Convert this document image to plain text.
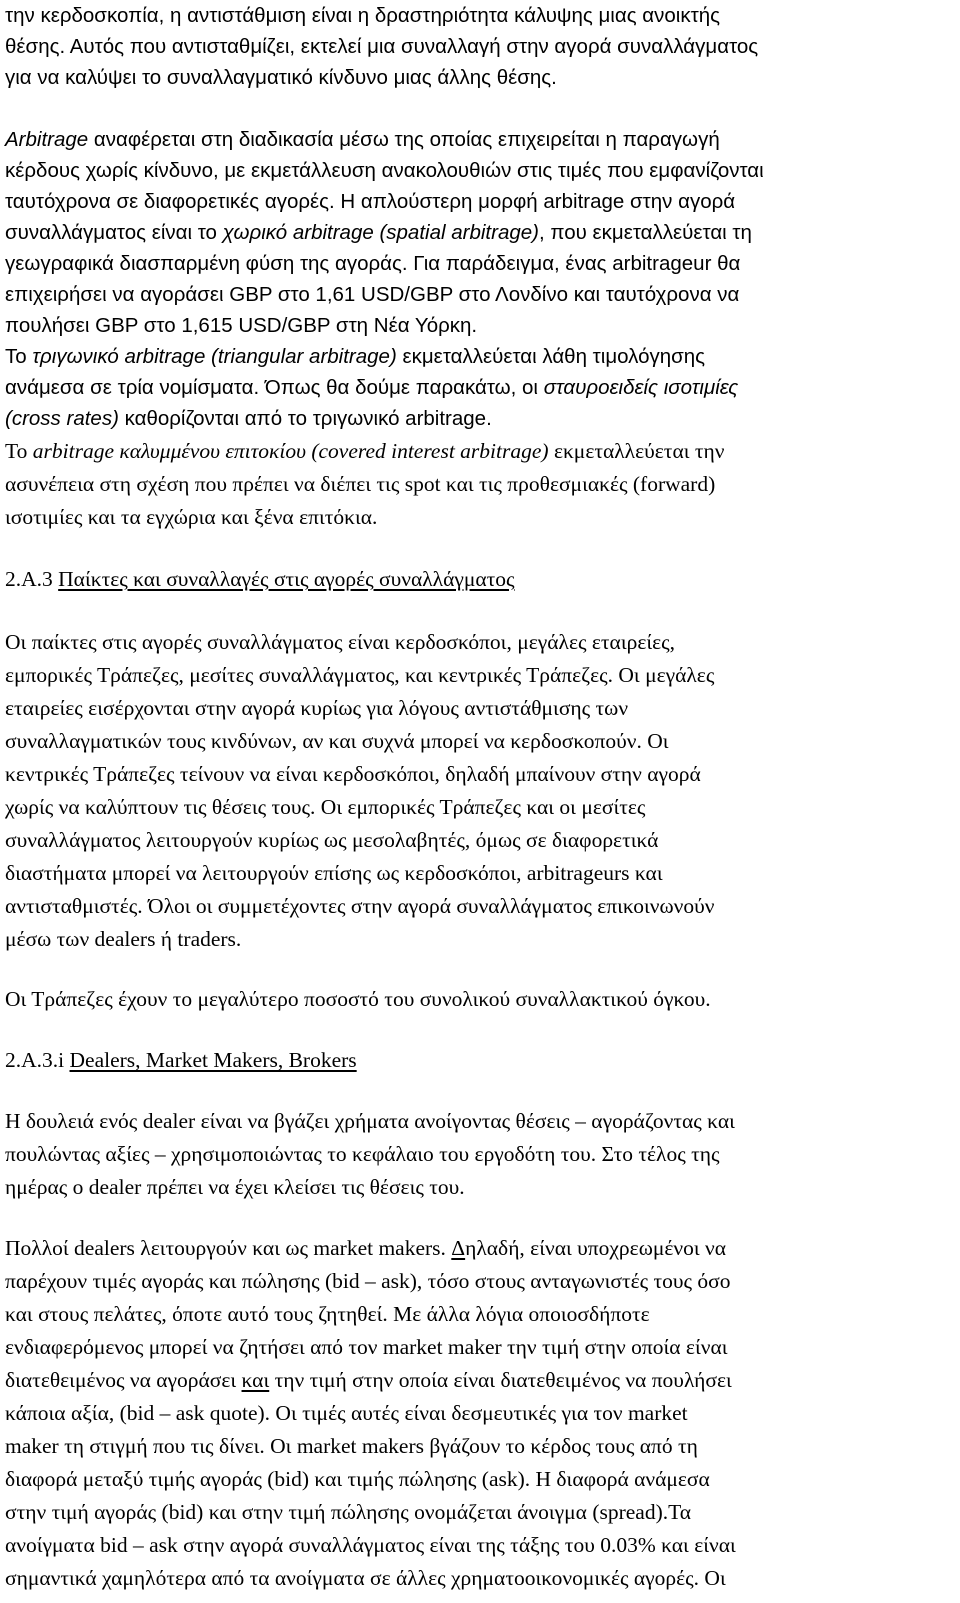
την κερδοσκοπία, η αντιστάθμιση είναι η δραστηριότητα κάλυψης μιας ανοικτής
θέσης. Αυτός που αντισταθμίζει, εκτελεί μια συναλλαγή στην αγορά συναλλάγματος
για να καλύψει το συναλλαγματικό κίνδυνο μιας άλλης θέσης.
Arbitrage αναφέρεται στη διαδικασία μέσω της οποίας επιχειρείται η παραγωγή
κέρδους χωρίς κίνδυνο, με εκμετάλλευση ανακολουθιών στις τιμές που εμφανίζονται
ταυτόχρονα σε διαφορετικές αγορές. Η απλούστερη μορφή arbitrage στην αγορά
συναλλάγματος είναι το χωρικό arbitrage (spatial arbitrage), που εκμεταλλεύεται τη
γεωγραφικά διασπαρμένη φύση της αγοράς. Για παράδειγμα, ένας arbitrageur θα
επιχειρήσει να αγοράσει GBP στο 1,61 USD/GBP στο Λονδίνο και ταυτόχρονα να
πουλήσει GBP στο 1,615 USD/GBP στη Νέα Υόρκη.
Το τριγωνικό arbitrage (triangular arbitrage) εκμεταλλεύεται λάθη τιμολόγησης
ανάμεσα σε τρία νομίσματα. Όπως θα δούμε παρακάτω, οι σταυροειδείς ισοτιμίες
(cross rates) καθορίζονται από το τριγωνικό arbitrage.
Το arbitrage καλυμμένου επιτοκίου (covered interest arbitrage) εκμεταλλεύεται την
ασυνέπεια στη σχέση που πρέπει να διέπει τις spot και τις προθεσμιακές (forward)
ισοτιμίες και τα εγχώρια και ξένα επιτόκια.
2.A.3 Παίκτες και συναλλαγές στις αγορές συναλλάγματος
Οι παίκτες στις αγορές συναλλάγματος είναι κερδοσκόποι, μεγάλες εταιρείες,
εμπορικές Τράπεζες, μεσίτες συναλλάγματος, και κεντρικές Τράπεζες. Οι μεγάλες
εταιρείες εισέρχονται στην αγορά κυρίως για λόγους αντιστάθμισης των
συναλλαγματικών τους κινδύνων, αν και συχνά μπορεί να κερδοσκοπούν. Οι
κεντρικές Τράπεζες τείνουν να είναι κερδοσκόποι, δηλαδή μπαίνουν στην αγορά
χωρίς να καλύπτουν τις θέσεις τους. Οι εμπορικές Τράπεζες και οι μεσίτες
συναλλάγματος λειτουργούν κυρίως ως μεσολαβητές, όμως σε διαφορετικά
διαστήματα μπορεί να λειτουργούν επίσης ως κερδοσκόποι, arbitrageurs και
αντισταθμιστές. Όλοι οι συμμετέχοντες στην αγορά συναλλάγματος επικοινωνούν
μέσω των dealers ή traders.
Οι Τράπεζες έχουν το μεγαλύτερο ποσοστό του συνολικού συναλλακτικού όγκου.
2.A.3.i Dealers, Market Makers, Brokers
Η δουλειά ενός dealer είναι να βγάζει χρήματα ανοίγοντας θέσεις – αγοράζοντας και
πουλώντας αξίες – χρησιμοποιώντας το κεφάλαιο του εργοδότη του. Στο τέλος της
ημέρας ο dealer πρέπει να έχει κλείσει τις θέσεις του.
Πολλοί dealers λειτουργούν και ως market makers. Δηλαδή, είναι υποχρεωμένοι να
παρέχουν τιμές αγοράς και πώλησης (bid – ask), τόσο στους ανταγωνιστές τους όσο
και στους πελάτες, όποτε αυτό τους ζητηθεί. Με άλλα λόγια οποιοσδήποτε
ενδιαφερόμενος μπορεί να ζητήσει από τον market maker την τιμή στην οποία είναι
διατεθειμένος να αγοράσει και την τιμή στην οποία είναι διατεθειμένος να πουλήσει
κάποια αξία, (bid – ask quote). Οι τιμές αυτές είναι δεσμευτικές για τον market
maker τη στιγμή που τις δίνει. Οι market makers βγάζουν το κέρδος τους από τη
διαφορά μεταξύ τιμής αγοράς (bid) και τιμής πώλησης (ask). Η διαφορά ανάμεσα
στην τιμή αγοράς (bid) και στην τιμή πώλησης ονομάζεται άνοιγμα (spread).Τα
ανοίγματα bid – ask στην αγορά συναλλάγματος είναι της τάξης του 0.03% και είναι
σημαντικά χαμηλότερα από τα ανοίγματα σε άλλες χρηματοοικονομικές αγορές. Οι
